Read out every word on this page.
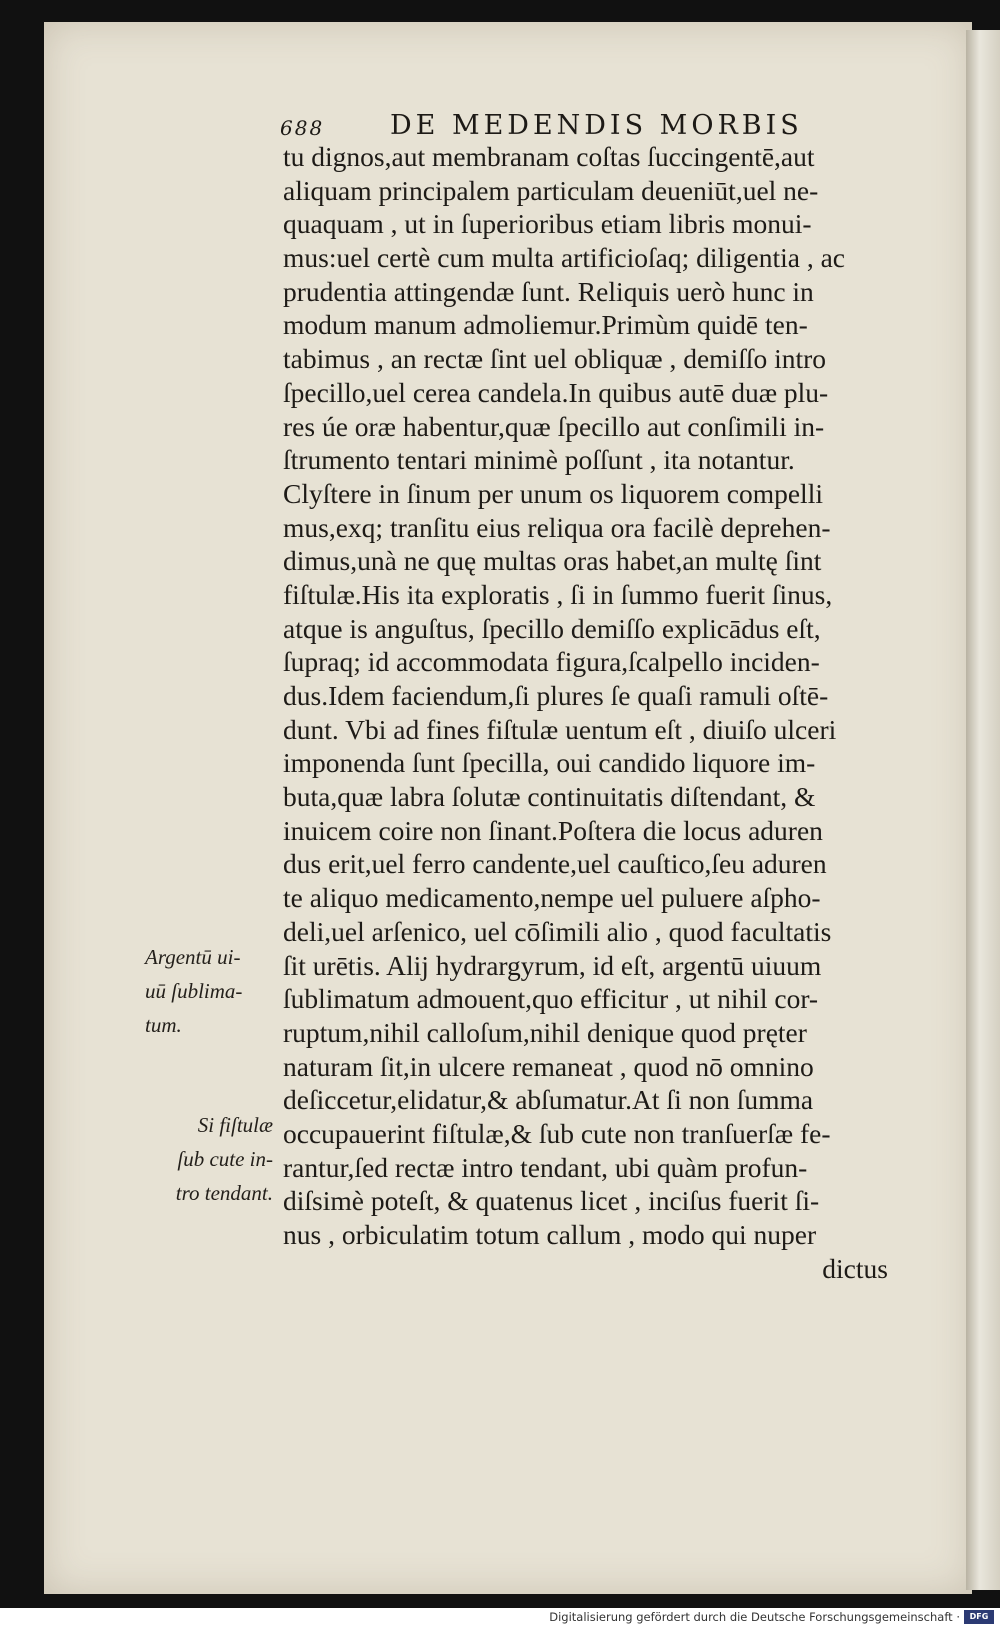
688 DE MEDENDIS MORBIS
tu dignos,aut membranam coſtas ſuccingentē,aut
aliquam principalem particulam deueniūt,uel ne-
quaquam , ut in ſuperioribus etiam libris monui-
mus:uel certè cum multa artificioſaq; diligentia , ac
prudentia attingendæ ſunt. Reliquis uerò hunc in
modum manum admoliemur.Primùm quidē ten-
tabimus , an rectæ ſint uel obliquæ , demiſſo intro
ſpecillo,uel cerea candela.In quibus autē duæ plu-
res úe oræ habentur,quæ ſpecillo aut conſimili in-
ſtrumento tentari minimè poſſunt , ita notantur.
Clyſtere in ſinum per unum os liquorem compelli
mus,exq; tranſitu eius reliqua ora facilè deprehen-
dimus,unà ne quę multas oras habet,an multę ſint
fiſtulæ.His ita exploratis , ſi in ſummo fuerit ſinus,
atque is anguſtus, ſpecillo demiſſo explicādus eſt,
ſupraq; id accommodata figura,ſcalpello inciden-
dus.Idem faciendum,ſi plures ſe quaſi ramuli oſtē-
dunt. Vbi ad fines fiſtulæ uentum eſt , diuiſo ulceri
imponenda ſunt ſpecilla, oui candido liquore im-
buta,quæ labra ſolutæ continuitatis diſtendant, &
inuicem coire non ſinant.Poſtera die locus aduren
dus erit,uel ferro candente,uel cauſtico,ſeu aduren
te aliquo medicamento,nempe uel puluere aſpho-
deli,uel arſenico, uel cōſimili alio , quod facultatis
ſit urētis. Alij hydrargyrum, id eſt, argentū uiuum
ſublimatum admouent,quo efficitur , ut nihil cor-
ruptum,nihil calloſum,nihil denique quod pręter
naturam ſit,in ulcere remaneat , quod nō omnino
deſiccetur,elidatur,& abſumatur.At ſi non ſumma
occupauerint fiſtulæ,& ſub cute non tranſuerſæ fe-
rantur,ſed rectæ intro tendant, ubi quàm profun-
diſsimè poteſt, & quatenus licet , inciſus fuerit ſi-
nus , orbiculatim totum callum , modo qui nuper
dictus
Argentū ui-
uū ſublima-
tum.
Si fiſtulæ
ſub cute in-
tro tendant.
Digitalisierung gefördert durch die Deutsche Forschungsgemeinschaft ·	DFG
